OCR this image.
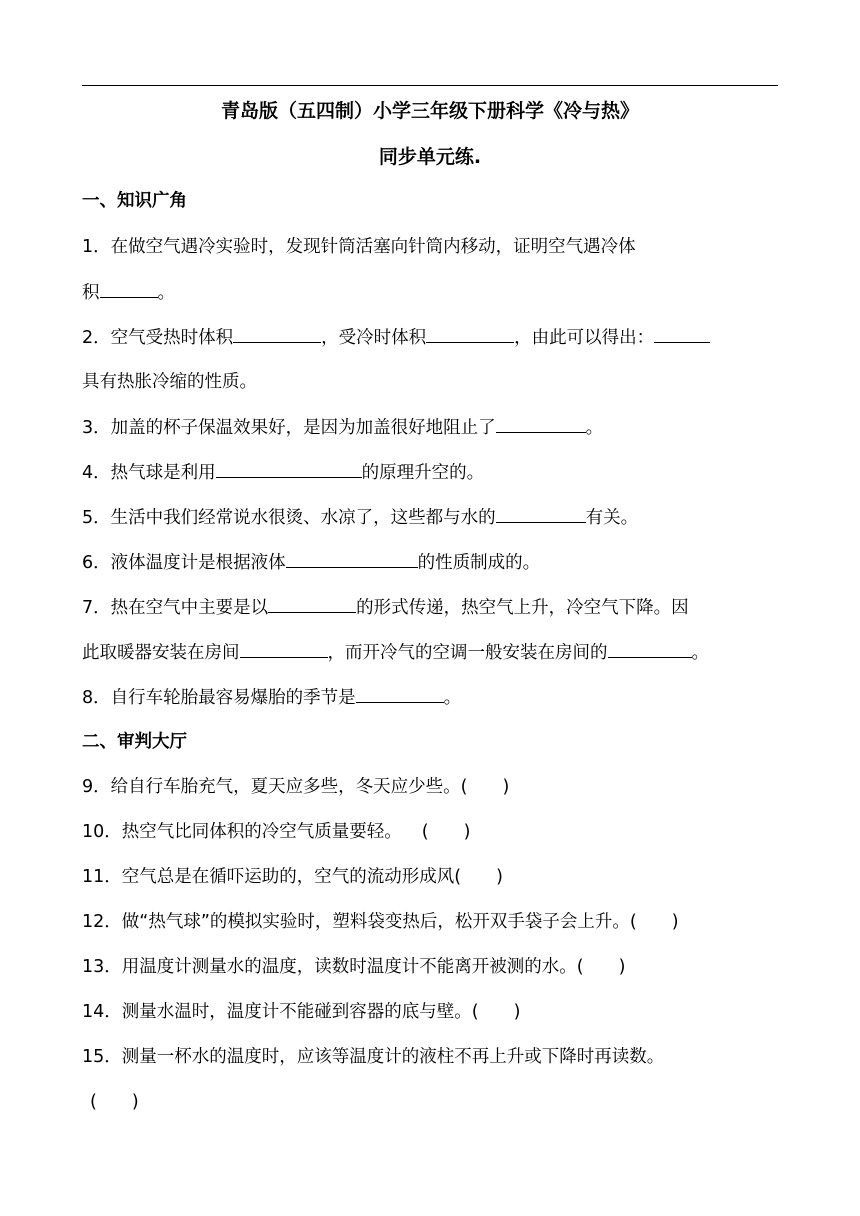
青岛版（五四制）小学三年级下册科学《冷与热》
同步单元练.
一、知识广角
1．在做空气遇冷实验时，发现针筒活塞向针筒内移动，证明空气遇冷体
积	。
2．空气受热时体积	，受冷时体积	，由此可以得出：
具有热胀冷缩的性质。
3．加盖的杯子保温效果好，是因为加盖很好地阻止了	。
4．热气球是利用	的原理升空的。
5．生活中我们经常说水很烫、水凉了，这些都与水的	有关。
6．液体温度计是根据液体	的性质制成的。
7．热在空气中主要是以	的形式传递，热空气上升，冷空气下降。因
此取暖器安装在房间	，而开冷气的空调一般安装在房间的	。
8．自行车轮胎最容易爆胎的季节是	。
二、审判大厅
9．给自行车胎充气，夏天应多些，冬天应少些。(　　)
10．热空气比同体积的冷空气质量要轻。 (　　)
11．空气总是在循吓运助的，空气的流动形成风(　　)
12．做“热气球”的模拟实验时，塑料袋变热后，松开双手袋子会上升。(　　)
13．用温度计测量水的温度，读数时温度计不能离开被测的水。(　　)
14．测量水温时，温度计不能碰到容器的底与壁。(　　)
15．测量一杯水的温度时，应该等温度计的液柱不再上升或下降时再读数。
(　　)
